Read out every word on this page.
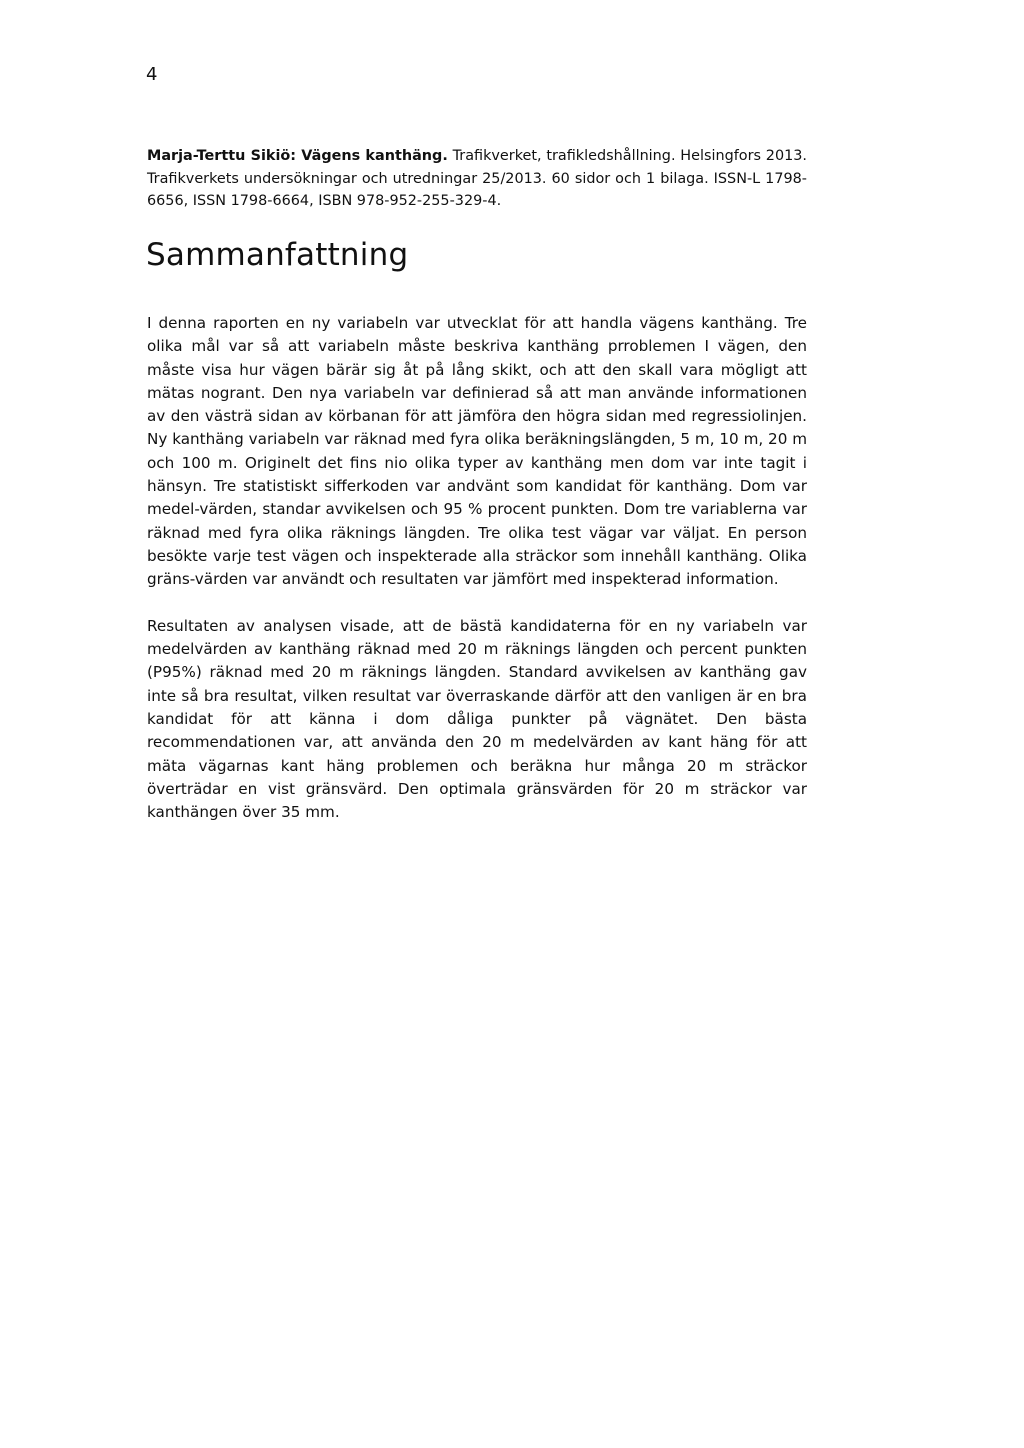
4
Marja-Terttu Sikiö: Vägens kanthäng. Trafikverket, trafikledshållning. Helsingfors 2013. Trafikverkets undersökningar och utredningar 25/2013. 60 sidor och 1 bilaga. ISSN-L 1798-6656, ISSN 1798-6664, ISBN 978-952-255-329-4.
Sammanfattning

I denna raporten en ny variabeln var utvecklat för att handla vägens kanthäng. Tre olika mål var så att variabeln måste beskriva kanthäng prroblemen I vägen, den måste visa hur vägen bärär sig åt på lång skikt, och att den skall vara mögligt att mätas nogrant. Den nya variabeln var definierad så att man använde informationen av den västrä sidan av körbanan för att jämföra den högra sidan med regressiolinjen. Ny kanthäng variabeln var räknad med fyra olika beräkningslängden, 5 m, 10 m, 20 m och 100 m. Originelt det fins nio olika typer av kanthäng men dom var inte tagit i hänsyn. Tre statistiskt sifferkoden var andvänt som kandidat för kanthäng. Dom var medel-värden, standar avvikelsen och 95 % procent punkten. Dom tre variablerna var räknad med fyra olika räknings längden. Tre olika test vägar var väljat. En person besökte varje test vägen och inspekterade alla sträckor som innehåll kanthäng. Olika gräns-värden var användt och resultaten var jämfört med inspekterad information.

Resultaten av analysen visade, att de bästä kandidaterna för en ny variabeln var medelvärden av kanthäng räknad med 20 m räknings längden och percent punkten (P95%) räknad med 20 m räknings längden. Standard avvikelsen av kanthäng gav inte så bra resultat, vilken resultat var överraskande därför att den vanligen är en bra kandidat för att känna i dom dåliga punkter på vägnätet. Den bästa recommendationen var, att använda den 20 m medelvärden av kant häng för att mäta vägarnas kant häng problemen och beräkna hur många 20 m sträckor överträdar en vist gränsvärd. Den optimala gränsvärden för 20 m sträckor var kanthängen över 35 mm.
